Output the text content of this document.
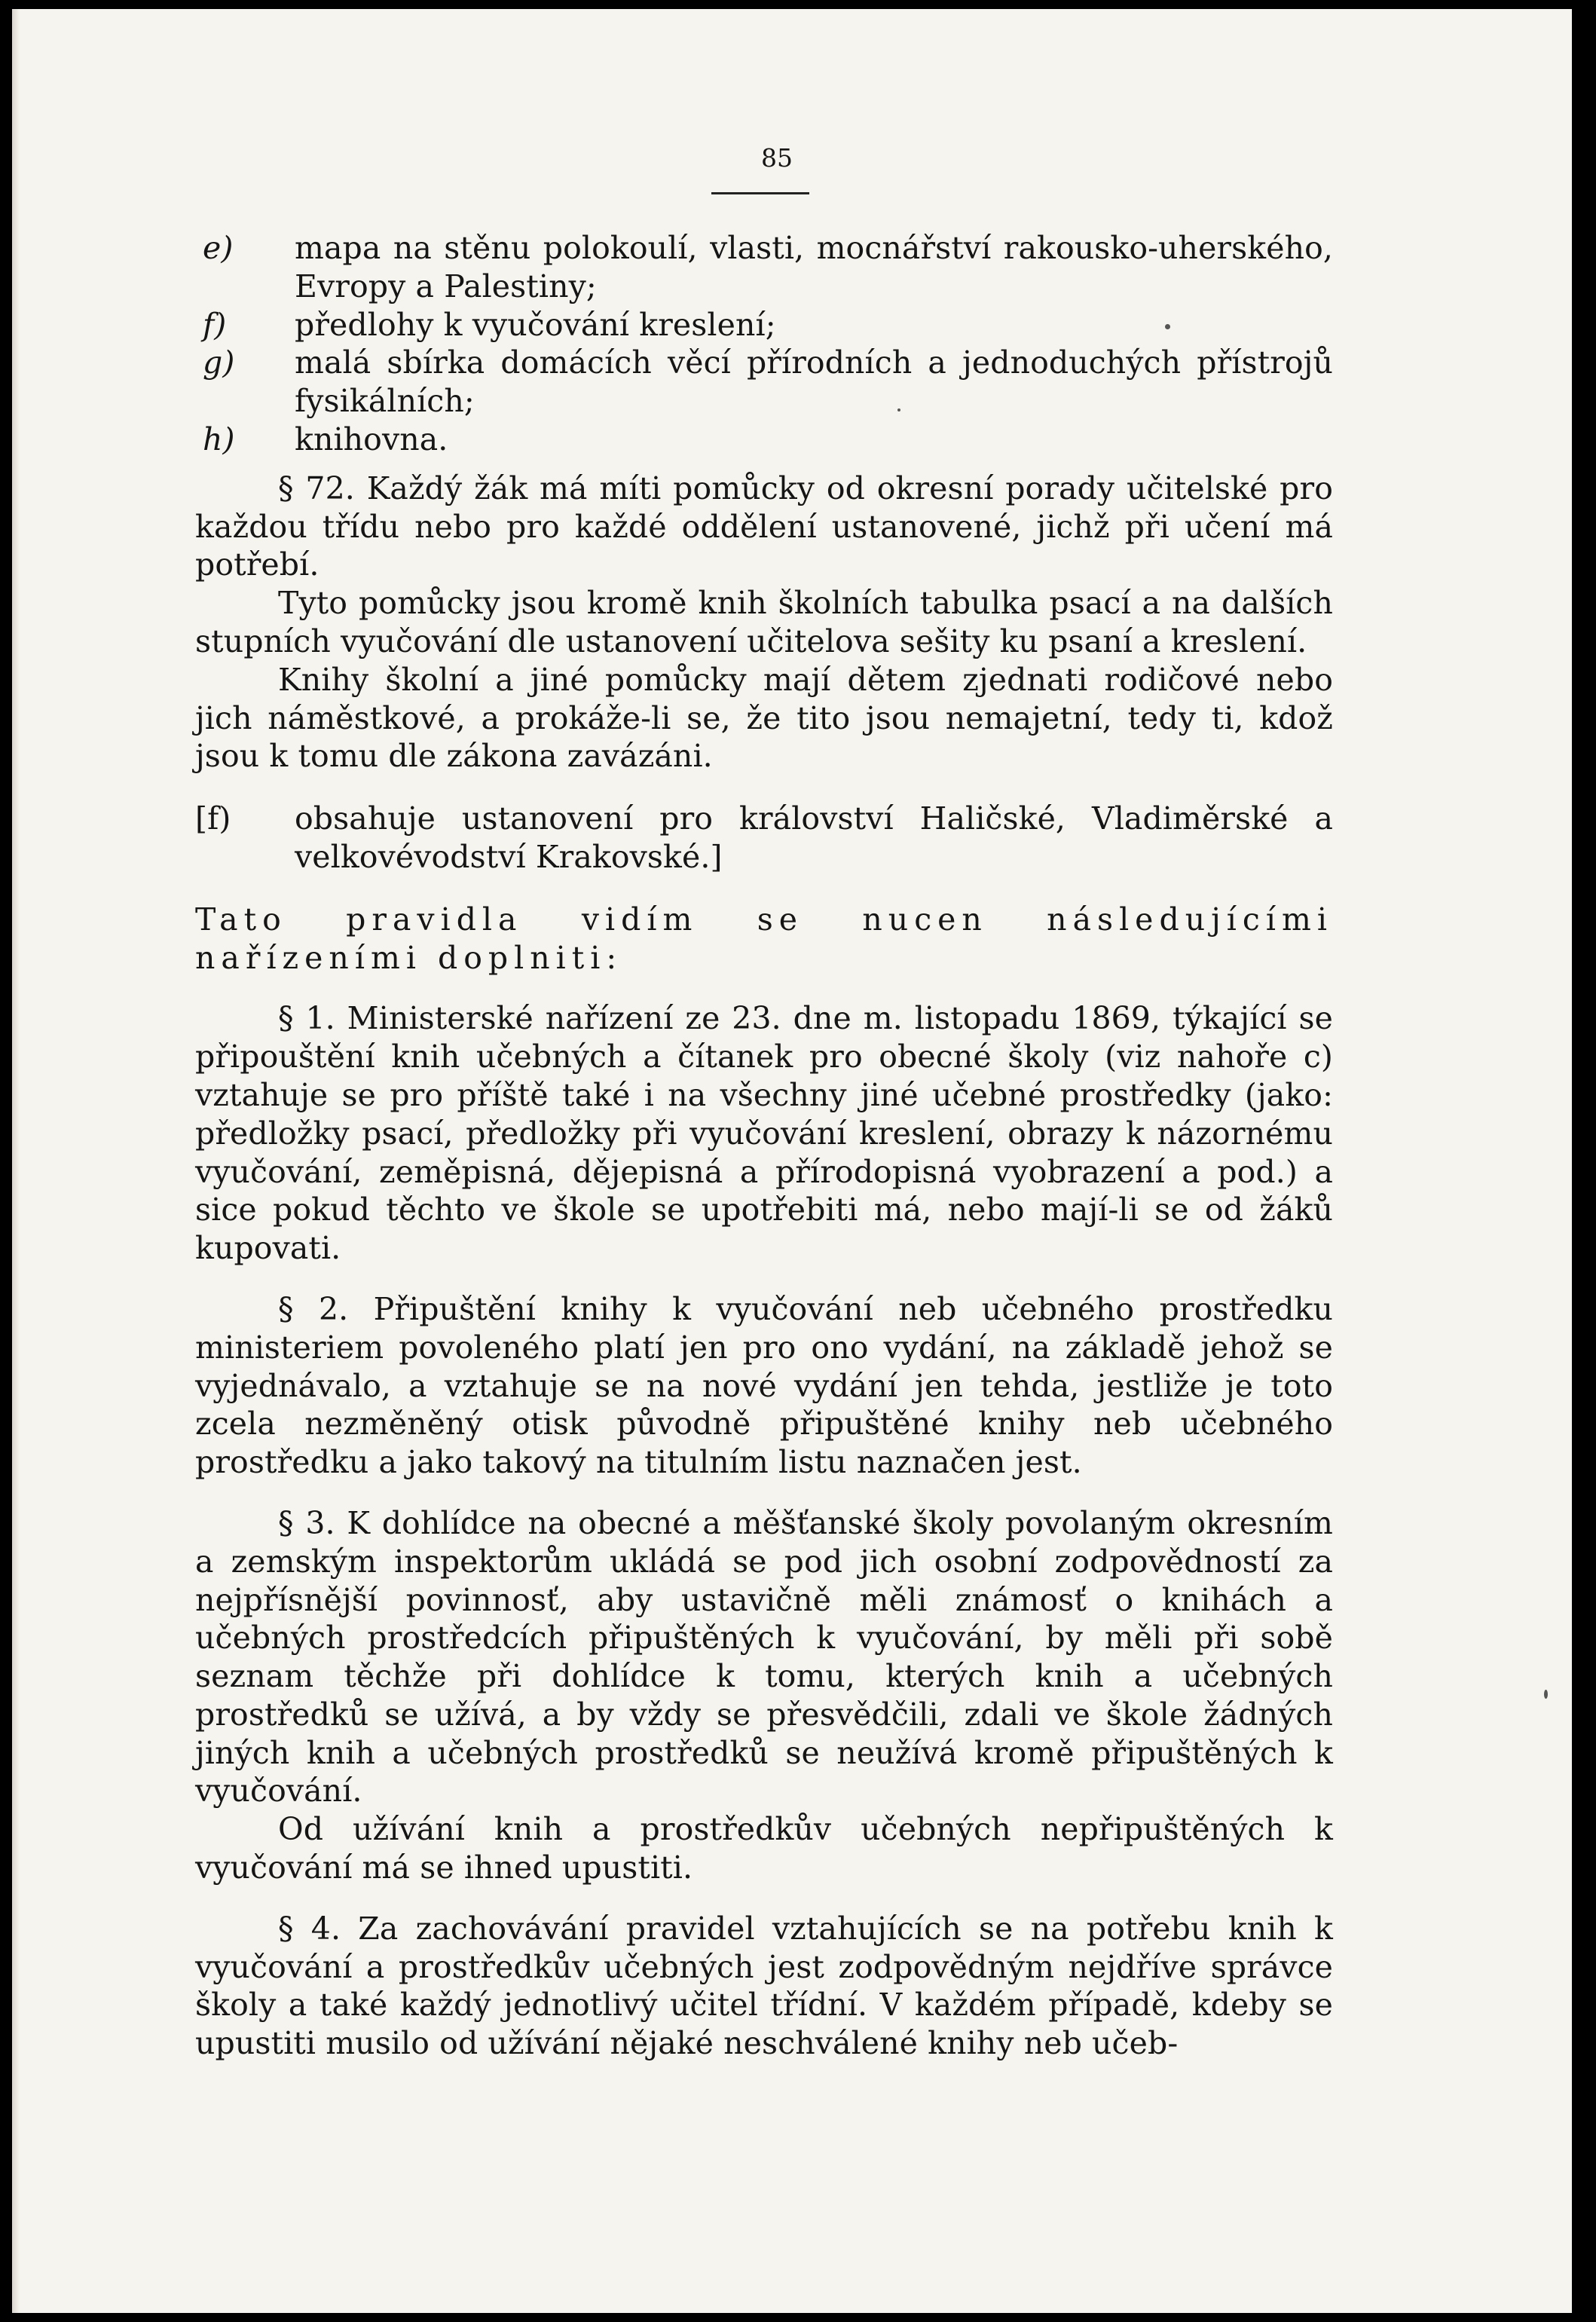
85
e) mapa na stěnu polokoulí, vlasti, mocnářství rakousko-uherského, Evropy a Palestiny;
f) předlohy k vyučování kreslení;
g) malá sbírka domácích věcí přírodních a jednoduchých přístrojů fysikálních;
h) knihovna.

§ 72. Každý žák má míti pomůcky od okresní porady učitelské pro každou třídu nebo pro každé oddělení ustanovené, jichž při učení má potřebí.

Tyto pomůcky jsou kromě knih školních tabulka psací a na dalších stupních vyučování dle ustanovení učitelova sešity ku psaní a kreslení.

Knihy školní a jiné pomůcky mají dětem zjednati rodičové nebo jich náměstkové, a prokáže-li se, že tito jsou nemajetní, tedy ti, kdož jsou k tomu dle zákona zavázáni.

[f) obsahuje ustanovení pro království Haličské, Vladiměrské a velkovévodství Krakovské.]

Tato pravidla vidím se nucen následujícími nařízeními doplniti:

§ 1. Ministerské nařízení ze 23. dne m. listopadu 1869, týkající se připouštění knih učebných a čítanek pro obecné školy (viz nahoře c) vztahuje se pro příště také i na všechny jiné učebné prostředky (jako: předložky psací, předložky při vyučování kreslení, obrazy k názornému vyučování, zeměpisná, dějepisná a přírodopisná vyobrazení a pod.) a sice pokud těchto ve škole se upotřebiti má, nebo mají-li se od žáků kupovati.

§ 2. Připuštění knihy k vyučování neb učebného prostředku ministeriem povoleného platí jen pro ono vydání, na základě jehož se vyjednávalo, a vztahuje se na nové vydání jen tehda, jestliže je toto zcela nezměněný otisk původně připuštěné knihy neb učebného prostředku a jako takový na titulním listu naznačen jest.

§ 3. K dohlídce na obecné a měšťanské školy povolaným okresním a zemským inspektorům ukládá se pod jich osobní zodpovědností za nejpřísnější povinnosť, aby ustavičně měli známosť o knihách a učebných prostředcích připuštěných k vyučování, by měli při sobě seznam těchže při dohlídce k tomu, kterých knih a učebných prostředků se užívá, a by vždy se přesvědčili, zdali ve škole žádných jiných knih a učebných prostředků se neužívá kromě připuštěných k vyučování.

Od užívání knih a prostředkův učebných nepřipuštěných k vyučování má se ihned upustiti.

§ 4. Za zachovávání pravidel vztahujících se na potřebu knih k vyučování a prostředkův učebných jest zodpovědným nejdříve správce školy a také každý jednotlivý učitel třídní. V každém případě, kdeby se upustiti musilo od užívání nějaké neschválené knihy neb učeb-
